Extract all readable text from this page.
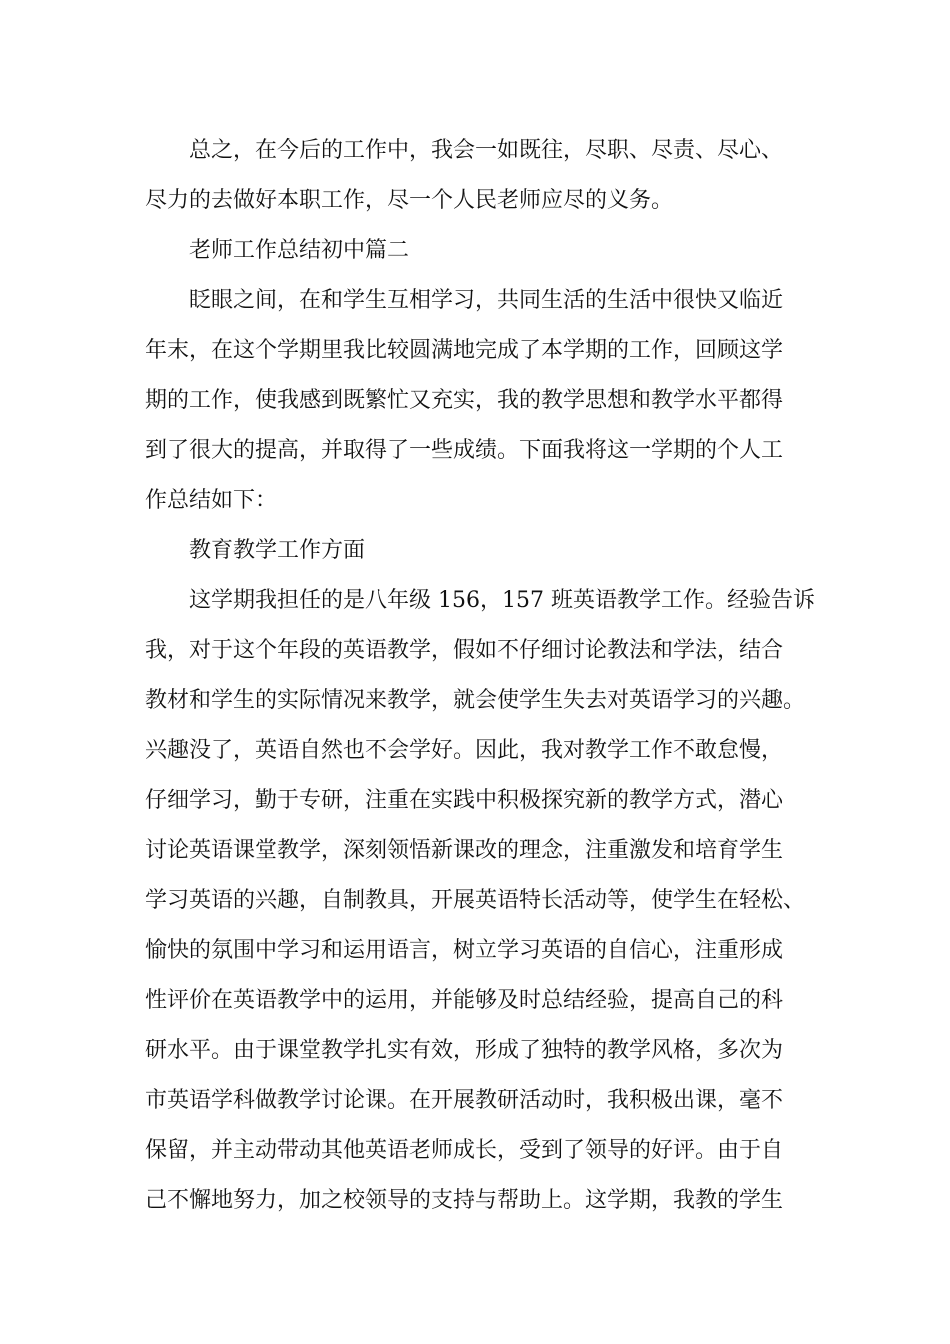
总之，在今后的工作中，我会一如既往，尽职、尽责、尽心、
尽力的去做好本职工作，尽一个人民老师应尽的义务。
老师工作总结初中篇二
眨眼之间，在和学生互相学习，共同生活的生活中很快又临近
年末，在这个学期里我比较圆满地完成了本学期的工作，回顾这学
期的工作，使我感到既繁忙又充实，我的教学思想和教学水平都得
到了很大的提高，并取得了一些成绩。下面我将这一学期的个人工
作总结如下：
教育教学工作方面
这学期我担任的是八年级 156，157 班英语教学工作。经验告诉
我，对于这个年段的英语教学，假如不仔细讨论教法和学法，结合
教材和学生的实际情况来教学，就会使学生失去对英语学习的兴趣。
兴趣没了，英语自然也不会学好。因此，我对教学工作不敢怠慢，
仔细学习，勤于专研，注重在实践中积极探究新的教学方式，潜心
讨论英语课堂教学，深刻领悟新课改的理念，注重激发和培育学生
学习英语的兴趣，自制教具，开展英语特长活动等，使学生在轻松、
愉快的氛围中学习和运用语言，树立学习英语的自信心，注重形成
性评价在英语教学中的运用，并能够及时总结经验，提高自己的科
研水平。由于课堂教学扎实有效，形成了独特的教学风格，多次为
市英语学科做教学讨论课。在开展教研活动时，我积极出课，毫不
保留，并主动带动其他英语老师成长，受到了领导的好评。由于自
己不懈地努力，加之校领导的支持与帮助上。这学期，我教的学生
